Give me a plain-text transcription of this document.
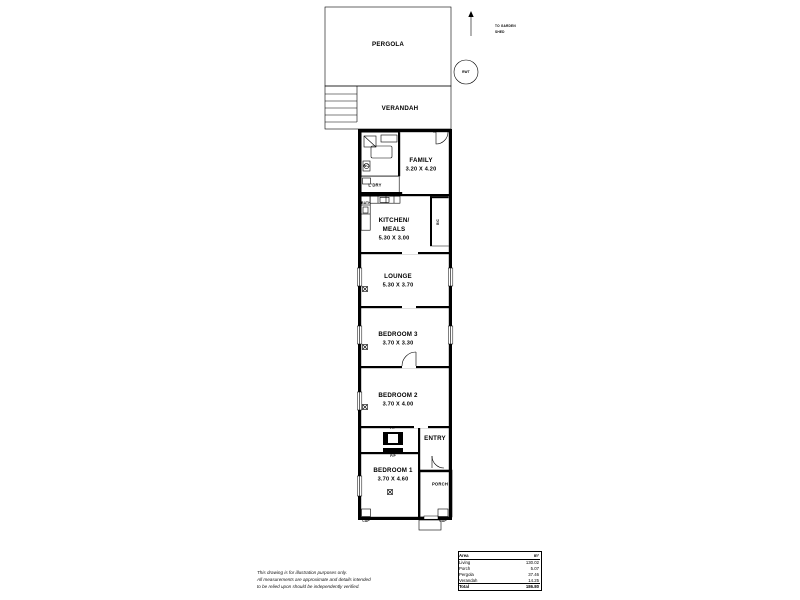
PERGOLA
VERANDAH
FAMILY
3.20 X 4.20
L'DRY
KITCHEN/
MEALS
5.30 X 3.00
LOUNGE
5.30 X 3.70
BEDROOM 3
3.70 X 3.30
BEDROOM 2
3.70 X 4.00
ENTRY
BEDROOM 1
3.70 X 4.60
PORCH
TO GARDEN
SHED
RWT
WC
BATH
BIC
F/P
F/P
CUP	CUP
This drawing is for illustration purposes only.
All measurements are approximate and details intended
to be relied upon should be independently verified.
Area	m²
Living	130.02
Porch	5.07
Pergola	37.46
Verandah	14.25
Total	186.80
